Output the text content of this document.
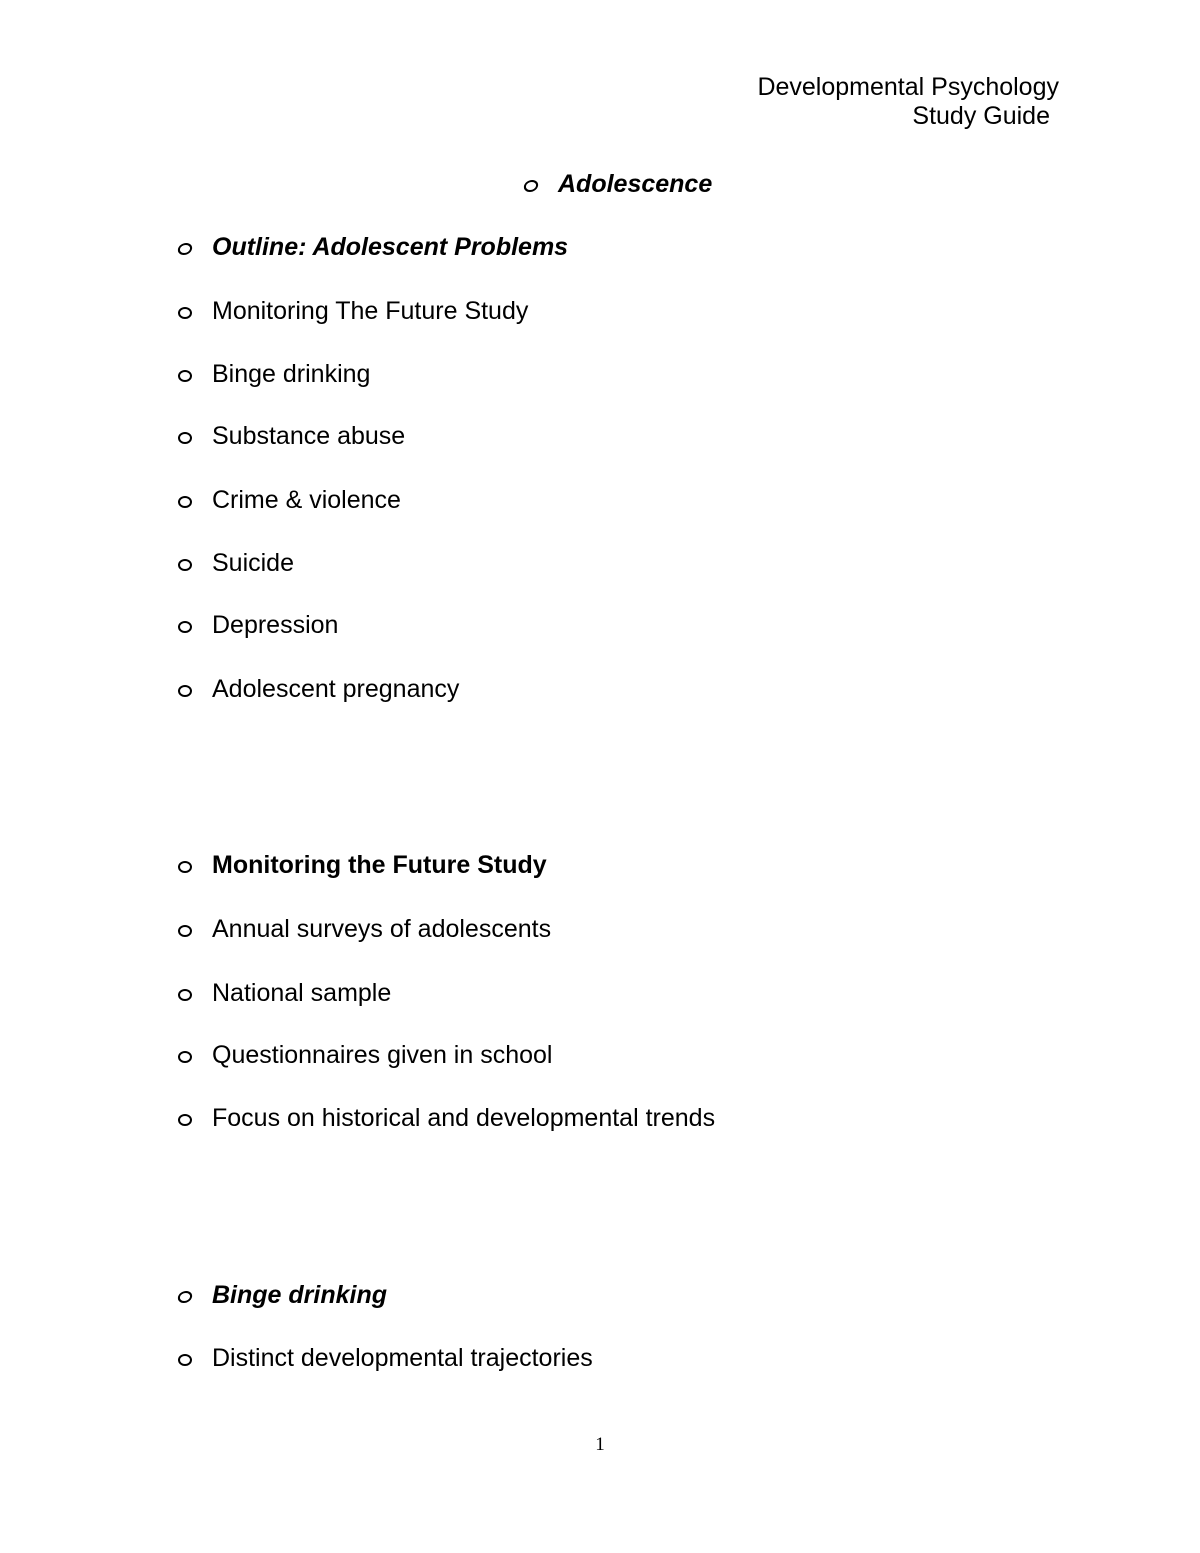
Developmental Psychology
Study Guide
Adolescence
Outline: Adolescent Problems
Monitoring The Future Study
Binge drinking
Substance abuse
Crime & violence
Suicide
Depression
Adolescent pregnancy
Monitoring the Future Study
Annual surveys of adolescents
National sample
Questionnaires given in school
Focus on historical and developmental trends
Binge drinking
Distinct developmental trajectories
1
